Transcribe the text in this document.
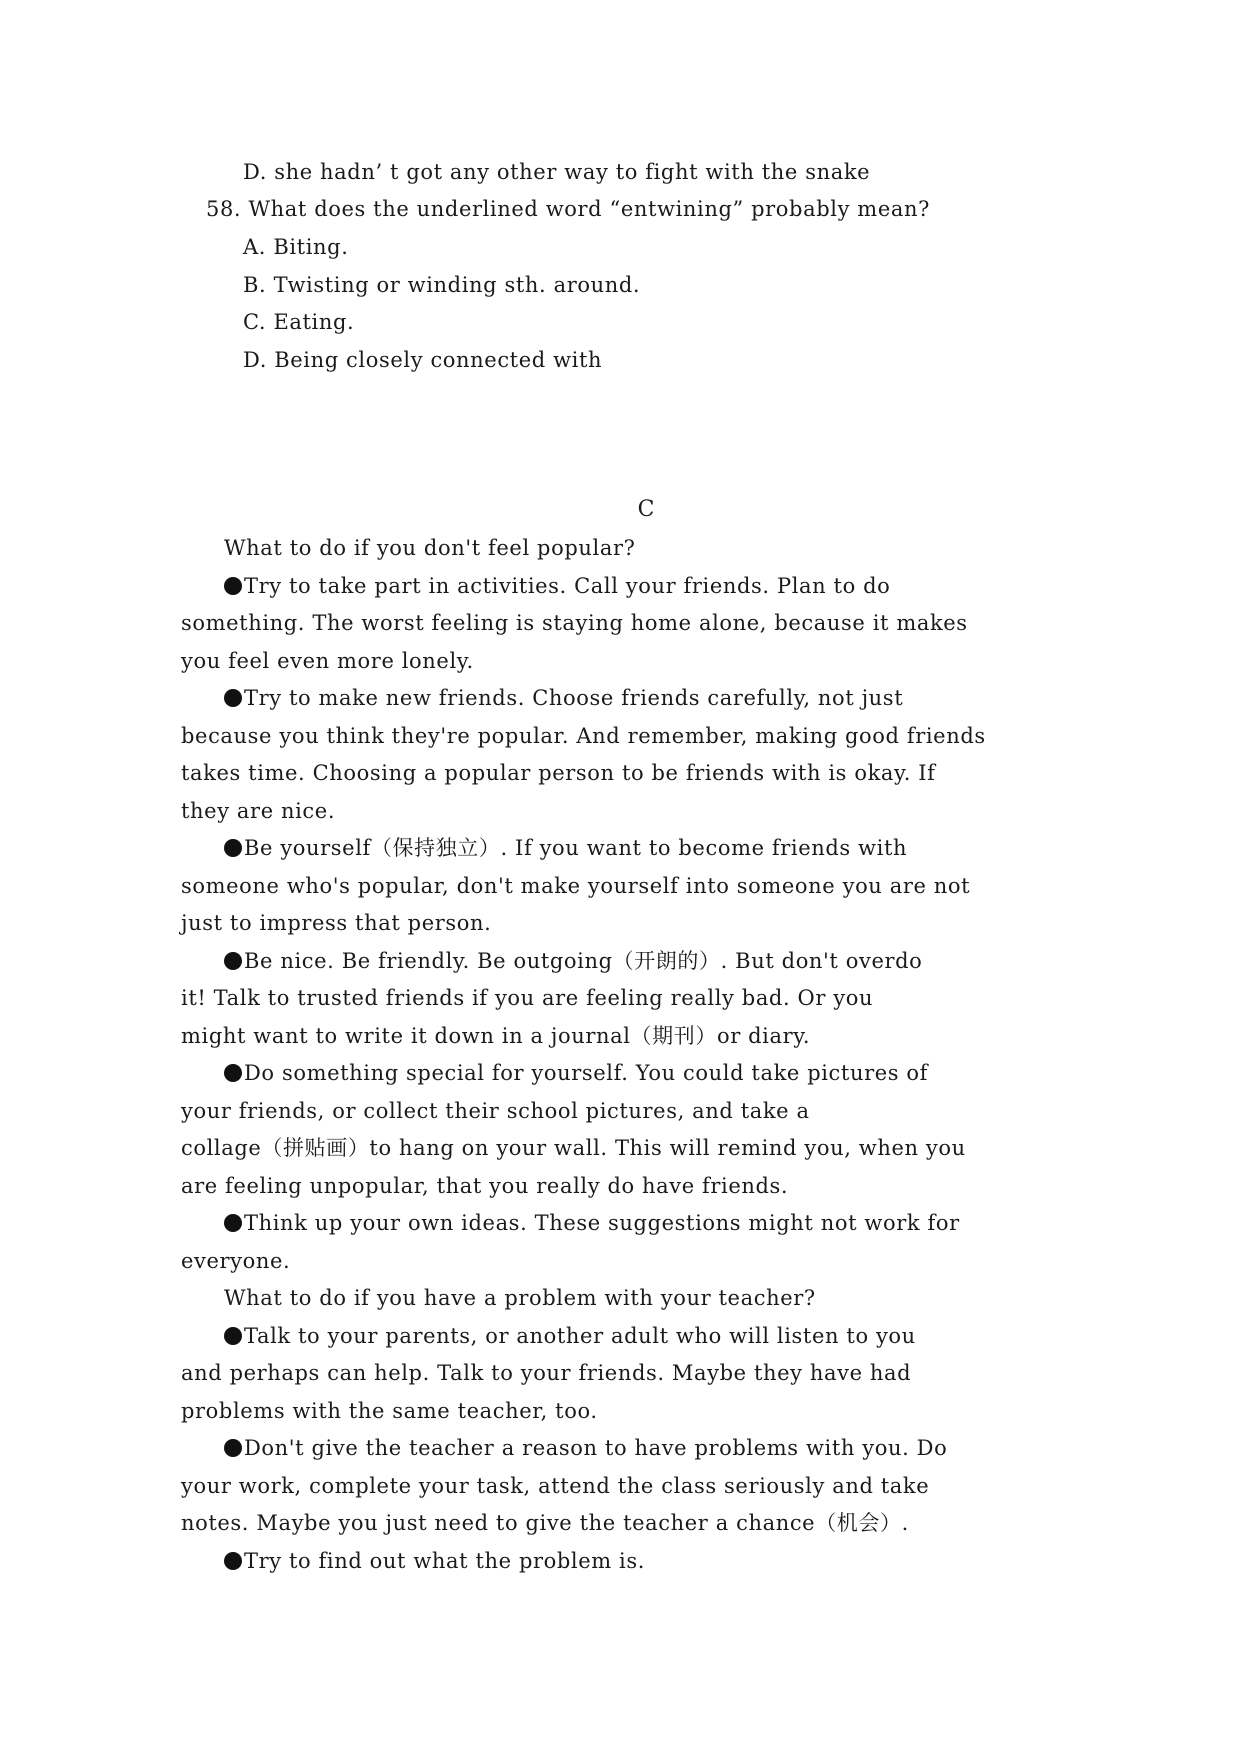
D. she hadn’ t got any other way to fight with the snake
58. What does the underlined word “entwining” probably mean?
A. Biting.
B. Twisting or winding sth. around.
C. Eating.
D. Being closely connected with
C
What to do if you don't feel popular?
Try to take part in activities. Call your friends. Plan to do
something. The worst feeling is staying home alone, because it makes
you feel even more lonely.
Try to make new friends. Choose friends carefully, not just
because you think they're popular. And remember, making good friends
takes time. Choosing a popular person to be friends with is okay. If
they are nice.
Be yourself（保持独立）. If you want to become friends with
someone who's popular, don't make yourself into someone you are not
just to impress that person.
Be nice. Be friendly. Be outgoing（开朗的）. But don't overdo
it! Talk to trusted friends if you are feeling really bad. Or you
might want to write it down in a journal（期刊）or diary.
Do something special for yourself. You could take pictures of
your friends, or collect their school pictures, and take a
collage（拼贴画）to hang on your wall. This will remind you, when you
are feeling unpopular, that you really do have friends.
Think up your own ideas. These suggestions might not work for
everyone.
What to do if you have a problem with your teacher?
Talk to your parents, or another adult who will listen to you
and perhaps can help. Talk to your friends. Maybe they have had
problems with the same teacher, too.
Don't give the teacher a reason to have problems with you. Do
your work, complete your task, attend the class seriously and take
notes. Maybe you just need to give the teacher a chance（机会）.
Try to find out what the problem is.
